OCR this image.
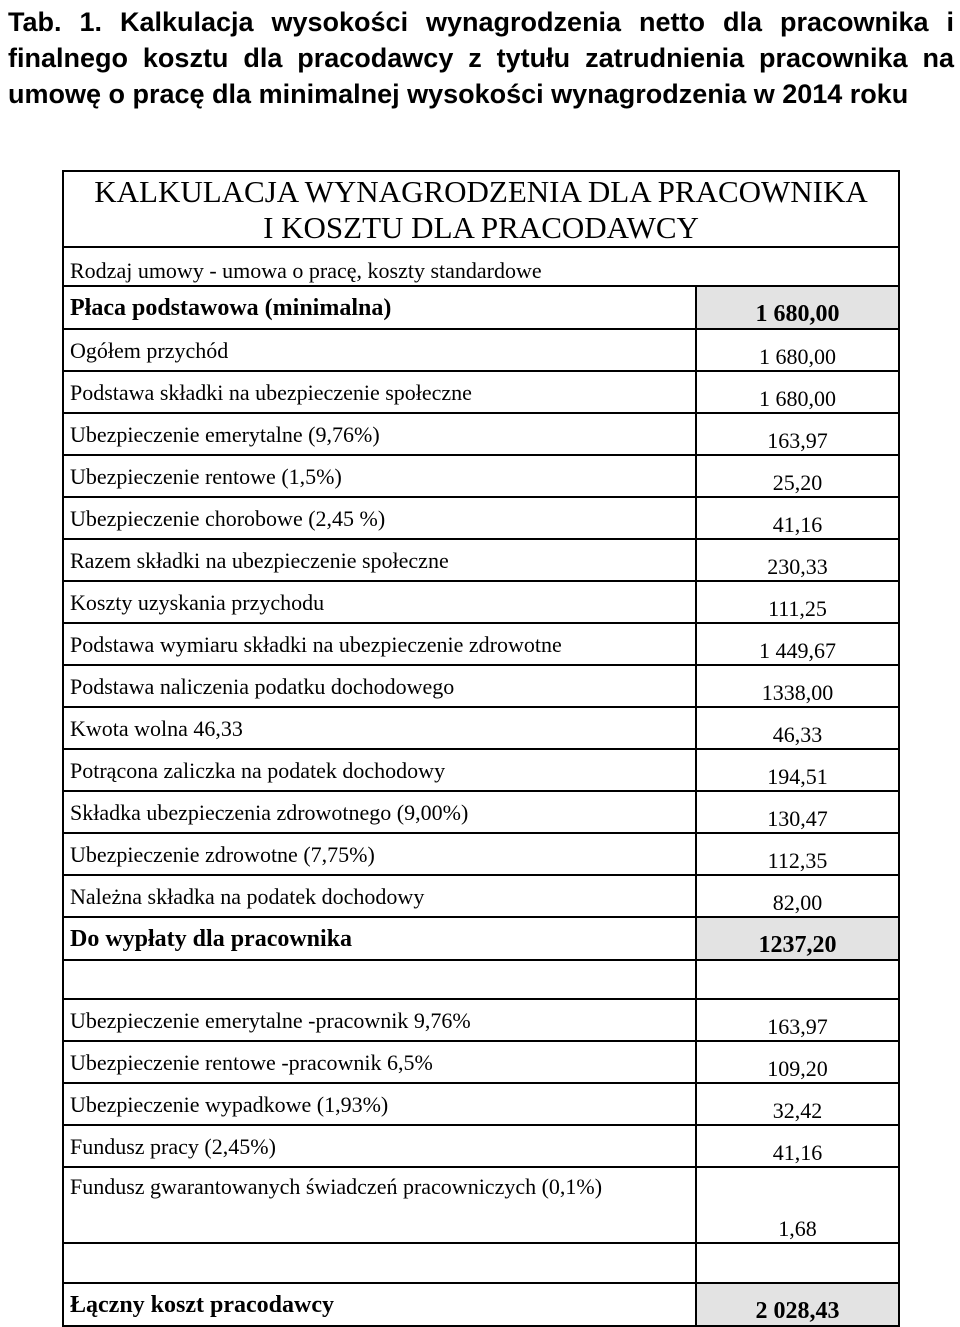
Tab. 1. Kalkulacja wysokości wynagrodzenia netto dla pracownika i finalnego kosztu dla pracodawcy z tytułu zatrudnienia pracownika na umowę o pracę dla minimalnej wysokości wynagrodzenia w 2014 roku
KALKULACJA WYNAGRODZENIA DLA PRACOWNIKA
I KOSZTU DLA PRACODAWCY	

Rodzaj umowy - umowa o pracę, koszty standardowe	
Płaca podstawowa (minimalna)	1 680,00
Ogółem przychód	1 680,00
Podstawa składki na ubezpieczenie społeczne	1 680,00
Ubezpieczenie emerytalne (9,76%)	163,97
Ubezpieczenie rentowe (1,5%)	25,20
Ubezpieczenie chorobowe (2,45 %)	41,16
Razem składki na ubezpieczenie społeczne	230,33
Koszty uzyskania przychodu	111,25
Podstawa wymiaru składki na ubezpieczenie zdrowotne	1 449,67
Podstawa naliczenia podatku dochodowego	1338,00
Kwota wolna 46,33	46,33
Potrącona zaliczka na podatek dochodowy	194,51
Składka ubezpieczenia zdrowotnego (9,00%)	130,47
Ubezpieczenie zdrowotne (7,75%)	112,35
Należna składka na podatek dochodowy	82,00
Do wypłaty dla pracownika	1237,20

Ubezpieczenie emerytalne -pracownik 9,76%	163,97
Ubezpieczenie rentowe -pracownik 6,5%	109,20
Ubezpieczenie wypadkowe (1,93%)	32,42
Fundusz pracy (2,45%)	41,16
Fundusz gwarantowanych świadczeń pracowniczych (0,1%)	1,68

Łączny koszt pracodawcy	2 028,43
